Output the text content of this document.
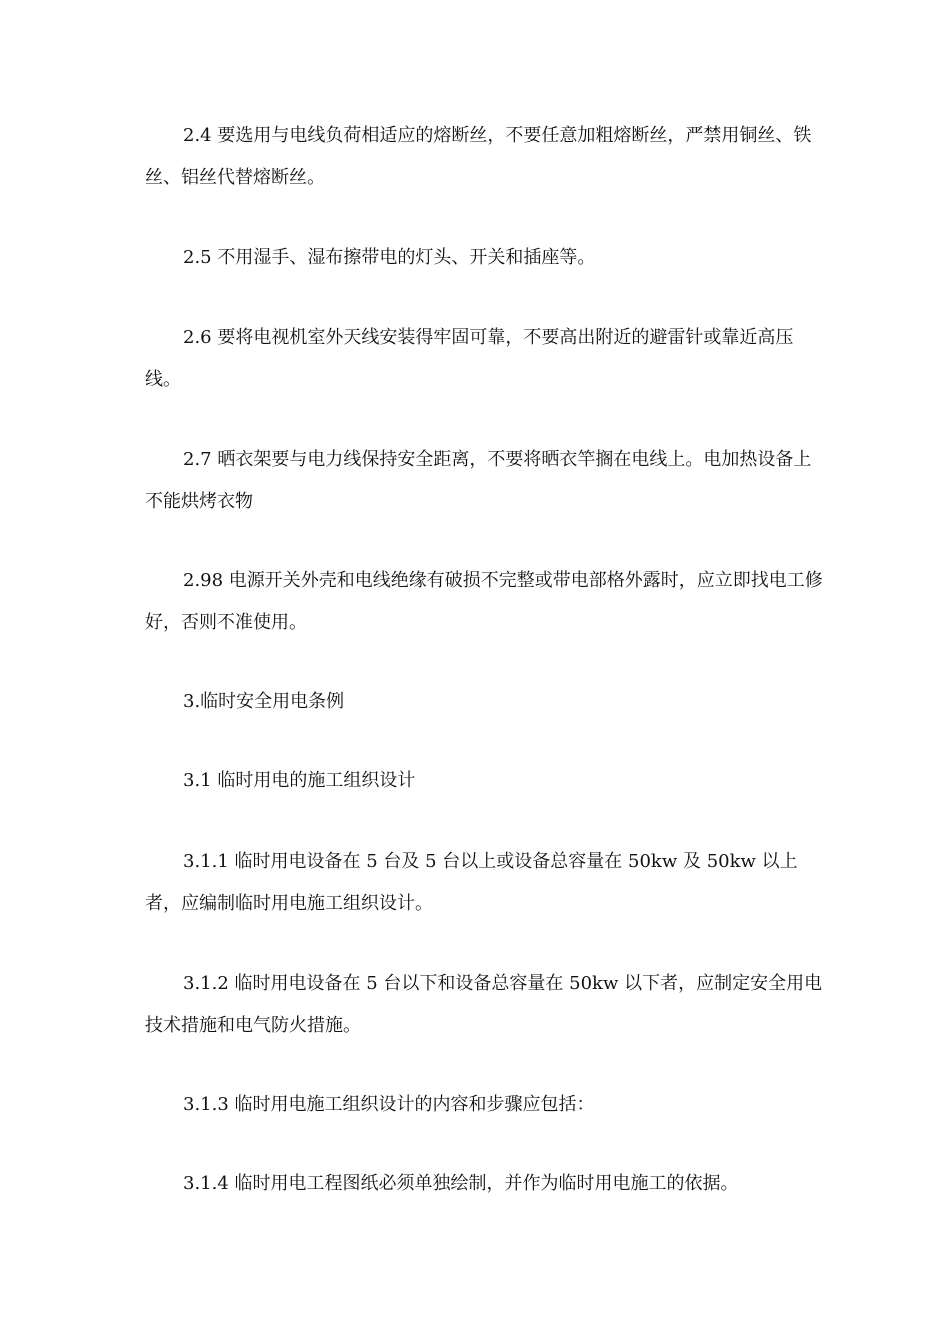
2.4 要选用与电线负荷相适应的熔断丝，不要任意加粗熔断丝，严禁用铜丝、铁丝、铝丝代替熔断丝。

2.5 不用湿手、湿布擦带电的灯头、开关和插座等。

2.6 要将电视机室外天线安装得牢固可靠，不要高出附近的避雷针或靠近高压线。

2.7 晒衣架要与电力线保持安全距离，不要将晒衣竿搁在电线上。电加热设备上不能烘烤衣物

2.98 电源开关外壳和电线绝缘有破损不完整或带电部格外露时，应立即找电工修好，否则不准使用。

3.临时安全用电条例

3.1 临时用电的施工组织设计

3.1.1 临时用电设备在 5 台及 5 台以上或设备总容量在 50kw 及 50kw 以上者，应编制临时用电施工组织设计。

3.1.2 临时用电设备在 5 台以下和设备总容量在 50kw 以下者，应制定安全用电技术措施和电气防火措施。

3.1.3 临时用电施工组织设计的内容和步骤应包括：

3.1.4 临时用电工程图纸必须单独绘制，并作为临时用电施工的依据。
